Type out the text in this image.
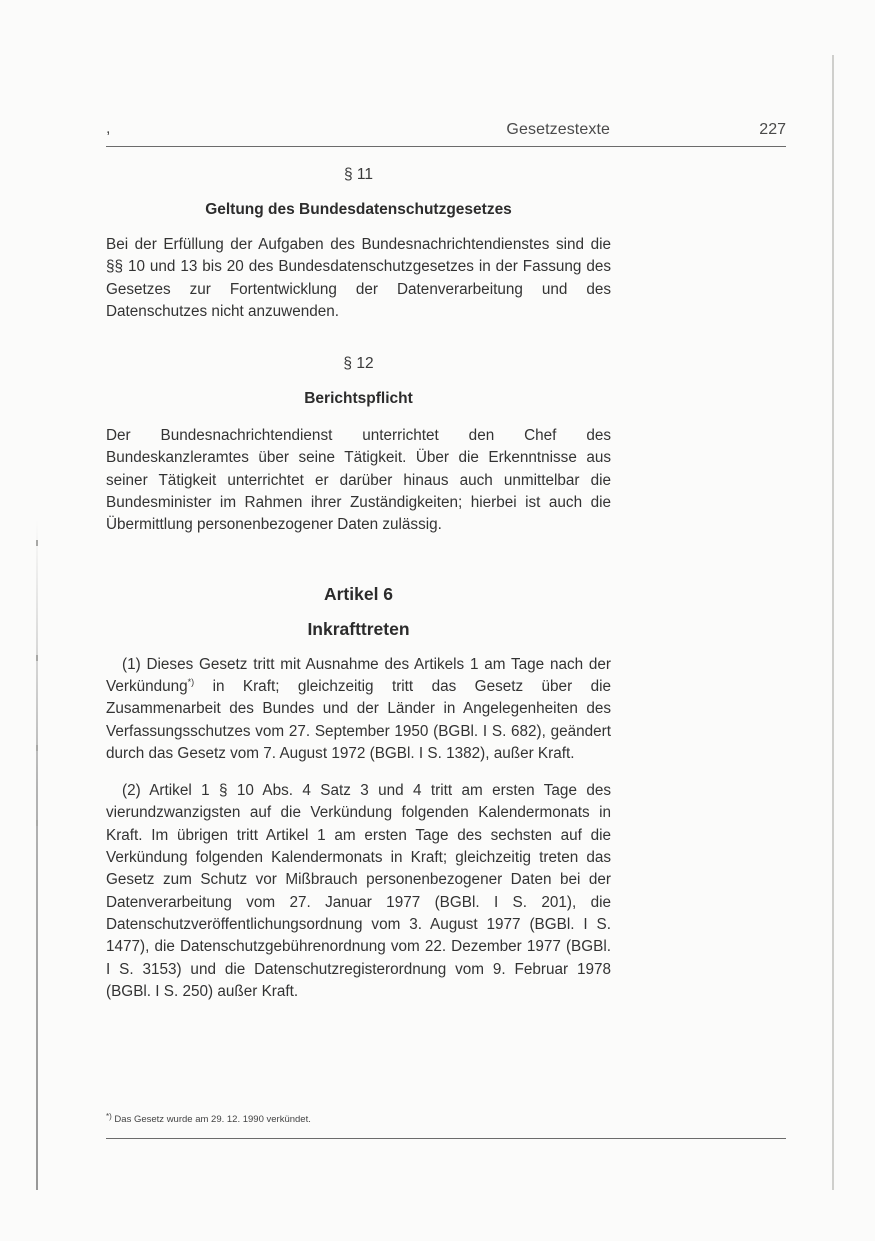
,	Gesetzestexte	227

§ 11

Geltung des Bundesdatenschutzgesetzes

Bei der Erfüllung der Aufgaben des Bundesnachrichtendienstes sind die §§ 10 und 13 bis 20 des Bundesdatenschutzgesetzes in der Fassung des Gesetzes zur Fortentwicklung der Datenverarbeitung und des Datenschutzes nicht anzuwenden.

§ 12

Berichtspflicht

Der Bundesnachrichtendienst unterrichtet den Chef des Bundeskanzleramtes über seine Tätigkeit. Über die Erkenntnisse aus seiner Tätigkeit unterrichtet er darüber hinaus auch unmittelbar die Bundesminister im Rahmen ihrer Zuständigkeiten; hierbei ist auch die Übermittlung personenbezogener Daten zulässig.

Artikel 6

Inkrafttreten

(1) Dieses Gesetz tritt mit Ausnahme des Artikels 1 am Tage nach der Verkündung*) in Kraft; gleichzeitig tritt das Gesetz über die Zusammenarbeit des Bundes und der Länder in Angelegenheiten des Verfassungsschutzes vom 27. September 1950 (BGBl. I S. 682), geändert durch das Gesetz vom 7. August 1972 (BGBl. I S. 1382), außer Kraft.

(2) Artikel 1 § 10 Abs. 4 Satz 3 und 4 tritt am ersten Tage des vierundzwanzigsten auf die Verkündung folgenden Kalendermonats in Kraft. Im übrigen tritt Artikel 1 am ersten Tage des sechsten auf die Verkündung folgenden Kalendermonats in Kraft; gleichzeitig treten das Gesetz zum Schutz vor Mißbrauch personenbezogener Daten bei der Datenverarbeitung vom 27. Januar 1977 (BGBl. I S. 201), die Datenschutzveröffentlichungsordnung vom 3. August 1977 (BGBl. I S. 1477), die Datenschutzgebührenordnung vom 22. Dezember 1977 (BGBl. I S. 3153) und die Datenschutzregisterordnung vom 9. Februar 1978 (BGBl. I S. 250) außer Kraft.

*) Das Gesetz wurde am 29. 12. 1990 verkündet.
